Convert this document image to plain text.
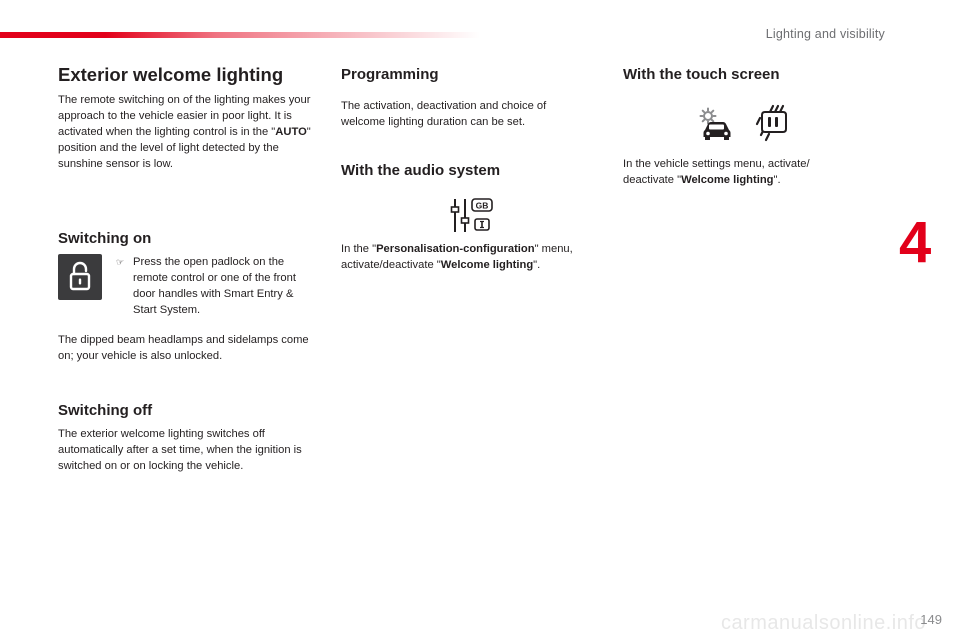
Lighting and visibility
4
Exterior welcome lighting

The remote switching on of the lighting makes your approach to the vehicle easier in poor light. It is activated when the lighting control is in the "AUTO" position and the level of light detected by the sunshine sensor is low.

Switching on
☞ Press the open padlock on the remote control or one of the front door handles with Smart Entry & Start System.

The dipped beam headlamps and sidelamps come on; your vehicle is also unlocked.

Switching off

The exterior welcome lighting switches off automatically after a set time, when the ignition is switched on or on locking the vehicle.

Programming

The activation, deactivation and choice of welcome lighting duration can be set.

With the audio system
GB

In the "Personalisation-configuration" menu, activate/deactivate "Welcome lighting".

With the touch screen

In the vehicle settings menu, activate/ deactivate "Welcome lighting".

carmanualsonline.info
149
